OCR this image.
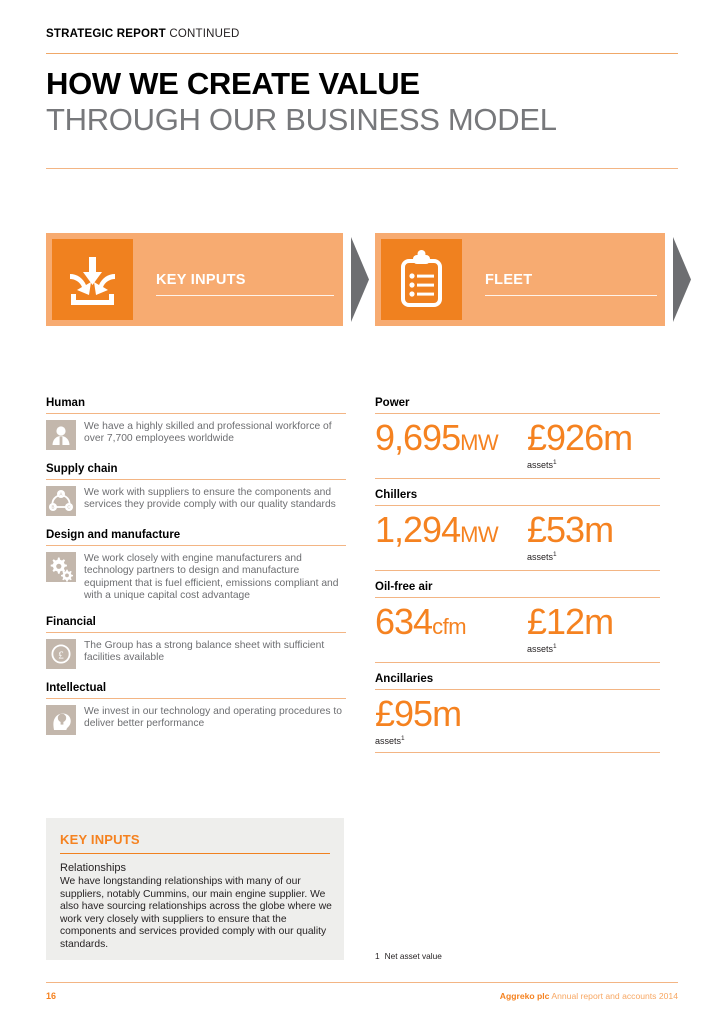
STRATEGIC REPORT CONTINUED
HOW WE CREATE VALUE
THROUGH OUR BUSINESS MODEL
KEY INPUTS	FLEET
Human
We have a highly skilled and professional workforce of over 7,700 employees worldwide
Supply chain
A
B	C
We work with suppliers to ensure the components and services they provide comply with our quality standards
Design and manufacture
We work closely with engine manufacturers and technology partners to design and manufacture equipment that is fuel efficient, emissions compliant and with a unique capital cost advantage
Financial
£
The Group has a strong balance sheet with sufficient facilities available
Intellectual
We invest in our technology and operating procedures to deliver better performance
Power
9,695MW £926m
assets$^1$
Chillers
1,294MW £53m
assets$^1$
Oil-free air
634cfm	£12m
assets$^1$
Ancillaries
£95m
assets$^1$
KEY INPUTS
Relationships
We have longstanding relationships with many of our suppliers, notably Cummins, our main engine supplier. We also have sourcing relationships across the globe where we work very closely with suppliers to ensure that the components and services provided comply with our quality standards.
1 Net asset value
16	Aggreko plc Annual report and accounts 2014
